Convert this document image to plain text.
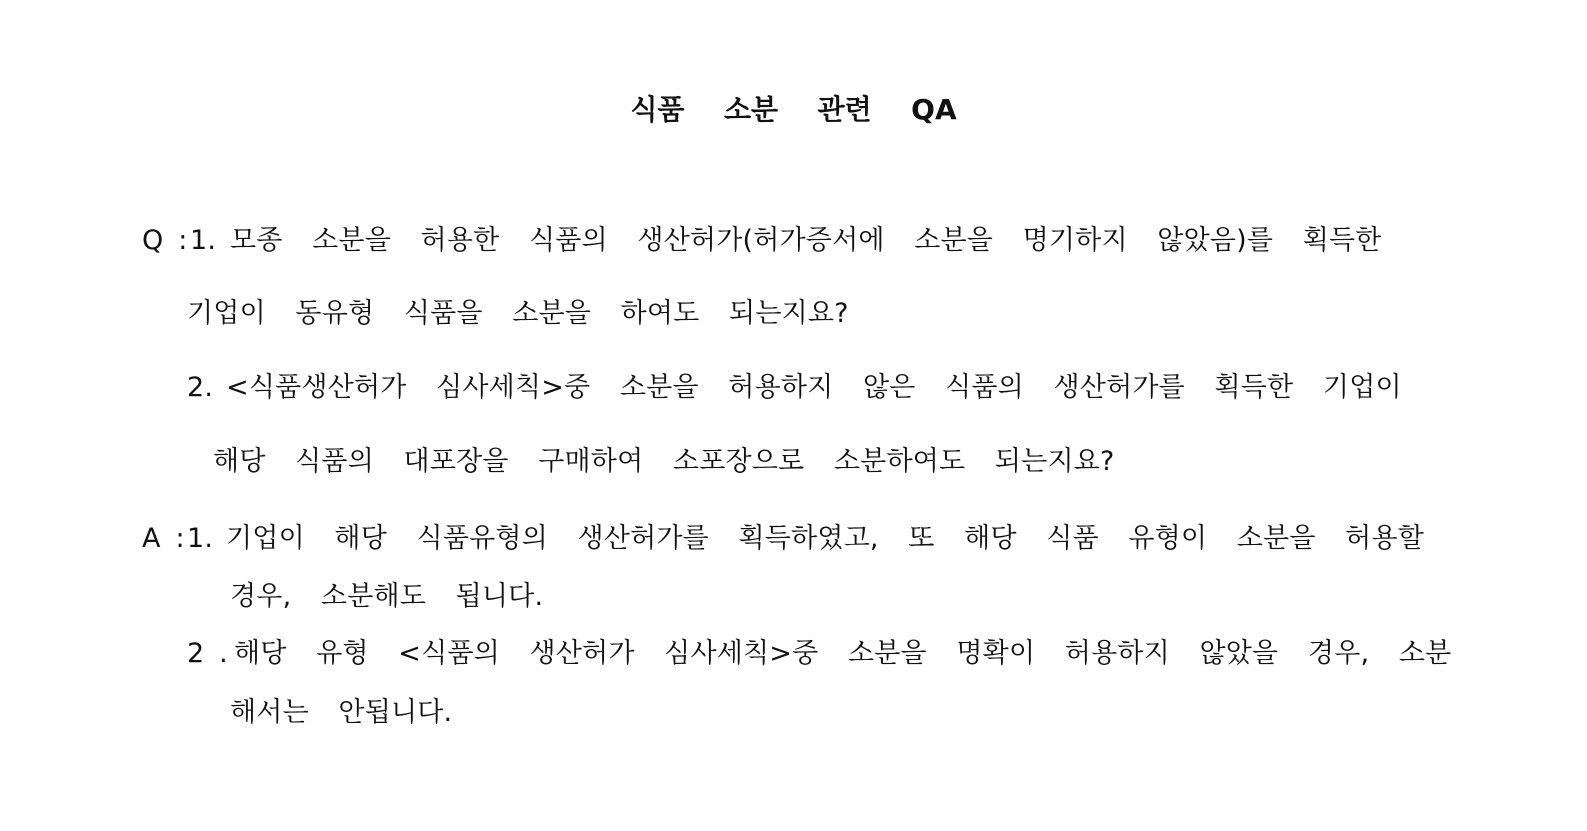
식품  소분  관련  QA
Q : 1. 모종  소분을  허용한  식품의  생산허가(허가증서에  소분을  명기하지  않았음)를  획득한
기업이  동유형  식품을  소분을  하여도  되는지요?
2. <식품생산허가  심사세칙>중  소분을  허용하지  않은  식품의  생산허가를  획득한  기업이
해당  식품의  대포장을  구매하여  소포장으로  소분하여도  되는지요?
A : 1. 기업이  해당  식품유형의  생산허가를  획득하였고,  또  해당  식품  유형이  소분을  허용할
경우,  소분해도  됩니다.
2 . 해당  유형  <식품의  생산허가  심사세칙>중  소분을  명확이  허용하지  않았을  경우,  소분
해서는  안됩니다.
